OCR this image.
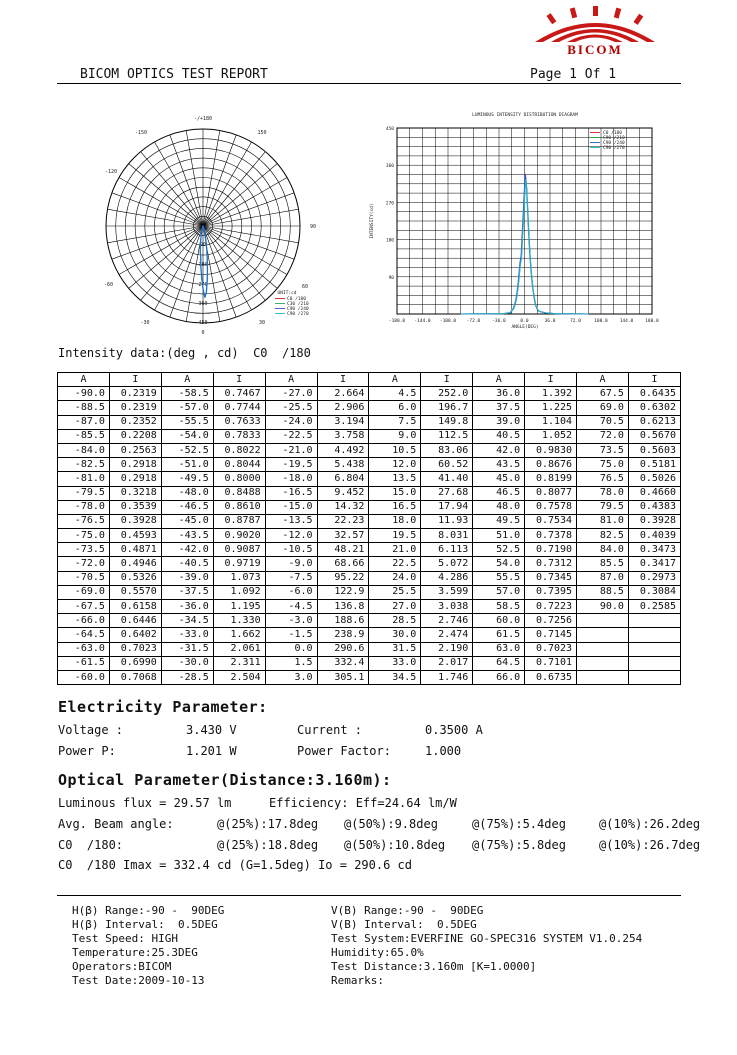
BICOM
BICOM OPTICS TEST REPORT	Page 1 Of 1
-/+180
-150	150
-120
90
-60	60
-30	30
0
90
180
270
360
450
UNIT:cd
C0 /180
C30 /210
C90 /240
C90 /270
LUMINOUS INTENSITY DISTRIBUTION DIAGRAM
-180.0 -144.0 -108.0 -72.0	-36.0	0.0	36.0	72.0	108.0	144.0	180.0
450
360
270
180
90
ANGLE(DEG)
INTENSITY(cd)
C0 /180
C90 /210
C90 /240
C90 /270
Intensity data:(deg , cd)  C0  /180
A	I	A	I	A	I	A	I	A	I	A	I
-90.0	0.2319	-58.5	0.7467	-27.0	2.664	4.5	252.0	36.0	1.392	67.5	0.6435
-88.5	0.2319	-57.0	0.7744	-25.5	2.906	6.0	196.7	37.5	1.225	69.0	0.6302
-87.0	0.2352	-55.5	0.7633	-24.0	3.194	7.5	149.8	39.0	1.104	70.5	0.6213
-85.5	0.2208	-54.0	0.7833	-22.5	3.758	9.0	112.5	40.5	1.052	72.0	0.5670
-84.0	0.2563	-52.5	0.8022	-21.0	4.492	10.5	83.06	42.0	0.9830	73.5	0.5603
-82.5	0.2918	-51.0	0.8044	-19.5	5.438	12.0	60.52	43.5	0.8676	75.0	0.5181
-81.0	0.2918	-49.5	0.8000	-18.0	6.804	13.5	41.40	45.0	0.8199	76.5	0.5026
-79.5	0.3218	-48.0	0.8488	-16.5	9.452	15.0	27.68	46.5	0.8077	78.0	0.4660
-78.0	0.3539	-46.5	0.8610	-15.0	14.32	16.5	17.94	48.0	0.7578	79.5	0.4383
-76.5	0.3928	-45.0	0.8787	-13.5	22.23	18.0	11.93	49.5	0.7534	81.0	0.3928
-75.0	0.4593	-43.5	0.9020	-12.0	32.57	19.5	8.031	51.0	0.7378	82.5	0.4039
-73.5	0.4871	-42.0	0.9087	-10.5	48.21	21.0	6.113	52.5	0.7190	84.0	0.3473
-72.0	0.4946	-40.5	0.9719	-9.0	68.66	22.5	5.072	54.0	0.7312	85.5	0.3417
-70.5	0.5326	-39.0	1.073	-7.5	95.22	24.0	4.286	55.5	0.7345	87.0	0.2973
-69.0	0.5570	-37.5	1.092	-6.0	122.9	25.5	3.599	57.0	0.7395	88.5	0.3084
-67.5	0.6158	-36.0	1.195	-4.5	136.8	27.0	3.038	58.5	0.7223	90.0	0.2585
-66.0	0.6446	-34.5	1.330	-3.0	188.6	28.5	2.746	60.0	0.7256		
-64.5	0.6402	-33.0	1.662	-1.5	238.9	30.0	2.474	61.5	0.7145		
-63.0	0.7023	-31.5	2.061	0.0	290.6	31.5	2.190	63.0	0.7023		
-61.5	0.6990	-30.0	2.311	1.5	332.4	33.0	2.017	64.5	0.7101		
-60.0	0.7068	-28.5	2.504	3.0	305.1	34.5	1.746	66.0	0.6735		
Electricity Parameter:
Voltage :	3.430 V	Current :	0.3500 A
Power P:	1.201 W	Power Factor:	1.000
Optical Parameter(Distance:3.160m):
Luminous flux = 29.57 lm	Efficiency: Eff=24.64 lm/W
Avg. Beam angle:	@(25%):17.8deg @(50%):9.8deg	@(75%):5.4deg	@(10%):26.2deg
C0  /180:	@(25%):18.8deg @(50%):10.8deg @(75%):5.8deg	@(10%):26.7deg
C0  /180 Imax = 332.4 cd (G=1.5deg) Io = 290.6 cd
H(β) Range:-90 -  90DEG
H(β) Interval:  0.5DEG
Test Speed: HIGH
Temperature:25.3DEG
Operators:BICOM
Test Date:2009-10-13
V(B) Range:-90 -  90DEG
V(B) Interval:  0.5DEG
Test System:EVERFINE GO-SPEC316 SYSTEM V1.0.254
Humidity:65.0%
Test Distance:3.160m [K=1.0000]
Remarks:
